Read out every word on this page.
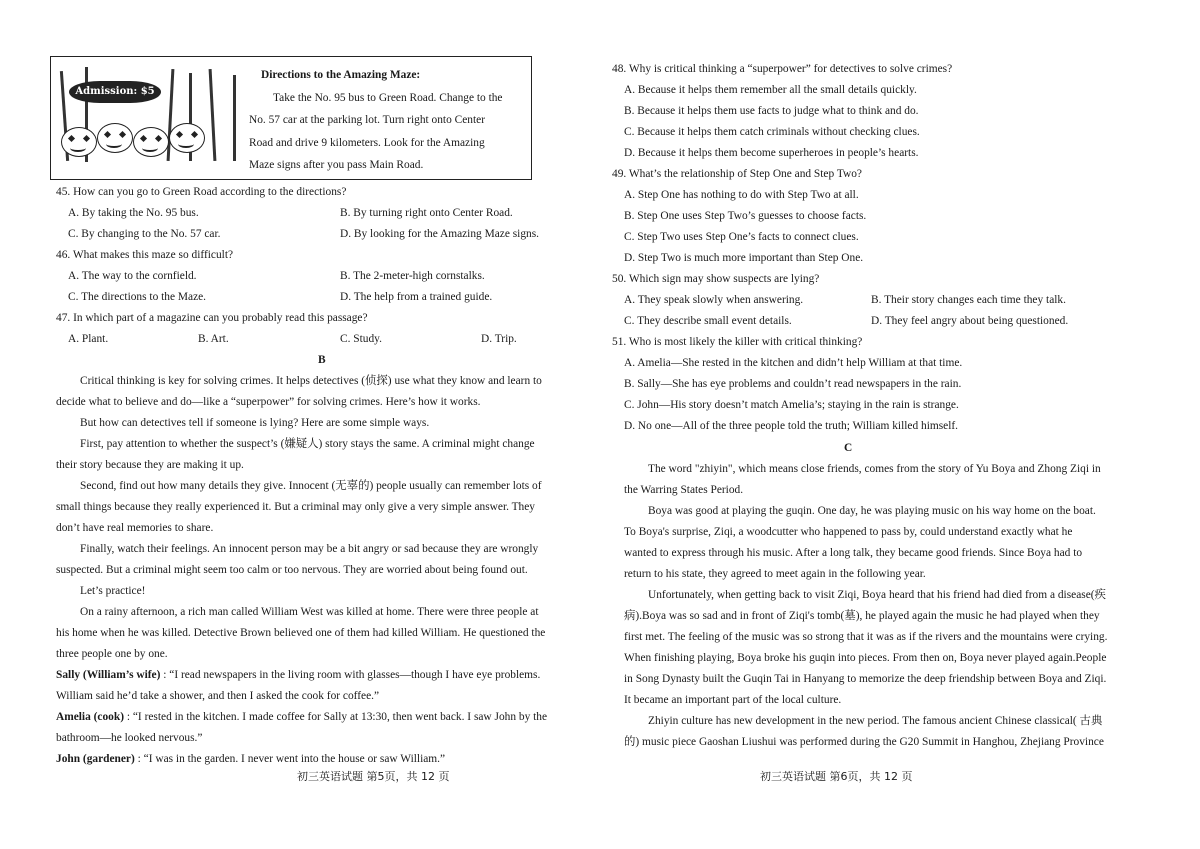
Admission: $5
Directions to the Amazing Maze:
Take the No. 95 bus to Green Road. Change to the
No. 57 car at the parking lot. Turn right onto Center
Road and drive 9 kilometers. Look for the Amazing
Maze signs after you pass Main Road.
45. How can you go to Green Road according to the directions?
A. By taking the No. 95 bus.	B. By turning right onto Center Road.
C. By changing to the No. 57 car.	D. By looking for the Amazing Maze signs.
46. What makes this maze so difficult?
A. The way to the cornfield.	B. The 2-meter-high cornstalks.
C. The directions to the Maze.	D. The help from a trained guide.
47. In which part of a magazine can you probably read this passage?
A. Plant.	B. Art.	C. Study.	D. Trip.
B
Critical thinking is key for solving crimes. It helps detectives (侦探) use what they know and learn to
decide what to believe and do—like a “superpower” for solving crimes. Here’s how it works.
But how can detectives tell if someone is lying? Here are some simple ways.
First, pay attention to whether the suspect’s (嫌疑人) story stays the same. A criminal might change
their story because they are making it up.
Second, find out how many details they give. Innocent (无辜的) people usually can remember lots of
small things because they really experienced it. But a criminal may only give a very simple answer. They
don’t have real memories to share.
Finally, watch their feelings. An innocent person may be a bit angry or sad because they are wrongly
suspected. But a criminal might seem too calm or too nervous. They are worried about being found out.
Let’s practice!
On a rainy afternoon, a rich man called William West was killed at home. There were three people at
his home when he was killed. Detective Brown believed one of them had killed William. He questioned the
three people one by one.
Sally (William’s wife) : “I read newspapers in the living room with glasses—though I have eye problems.
William said he’d take a shower, and then I asked the cook for coffee.”
Amelia (cook) : “I rested in the kitchen. I made coffee for Sally at 13:30, then went back. I saw John by the
bathroom—he looked nervous.”
John (gardener) : “I was in the garden. I never went into the house or saw William.”
48. Why is critical thinking a “superpower” for detectives to solve crimes?
A. Because it helps them remember all the small details quickly.
B. Because it helps them use facts to judge what to think and do.
C. Because it helps them catch criminals without checking clues.
D. Because it helps them become superheroes in people’s hearts.
49. What’s the relationship of Step One and Step Two?
A. Step One has nothing to do with Step Two at all.
B. Step One uses Step Two’s guesses to choose facts.
C. Step Two uses Step One’s facts to connect clues.
D. Step Two is much more important than Step One.
50. Which sign may show suspects are lying?
A. They speak slowly when answering.	B. Their story changes each time they talk.
C. They describe small event details.	D. They feel angry about being questioned.
51. Who is most likely the killer with critical thinking?
A. Amelia—She rested in the kitchen and didn’t help William at that time.
B. Sally—She has eye problems and couldn’t read newspapers in the rain.
C. John—His story doesn’t match Amelia’s; staying in the rain is strange.
D. No one—All of the three people told the truth; William killed himself.
C
The word "zhiyin", which means close friends, comes from the story of Yu Boya and Zhong Ziqi in
the Warring States Period.
Boya was good at playing the guqin. One day, he was playing music on his way home on the boat.
To Boya's surprise, Ziqi, a woodcutter who happened to pass by, could understand exactly what he
wanted to express through his music. After a long talk, they became good friends. Since Boya had to
return to his state, they agreed to meet again in the following year.
Unfortunately, when getting back to visit Ziqi, Boya heard that his friend had died from a disease(疾
病).Boya was so sad and in front of Ziqi's tomb(墓), he played again the music he had played when they
first met. The feeling of the music was so strong that it was as if the rivers and the mountains were crying.
When finishing playing, Boya broke his guqin into pieces. From then on, Boya never played again.People
in Song Dynasty built the Guqin Tai in Hanyang to memorize the deep friendship between Boya and Ziqi.
It became an important part of the local culture.
Zhiyin culture has new development in the new period. The famous ancient Chinese classical( 古典
的) music piece Gaoshan Liushui was performed during the G20 Summit in Hanghou, Zhejiang Province
初三英语试题 第5页，共 12 页	初三英语试题 第6页，共 12 页
